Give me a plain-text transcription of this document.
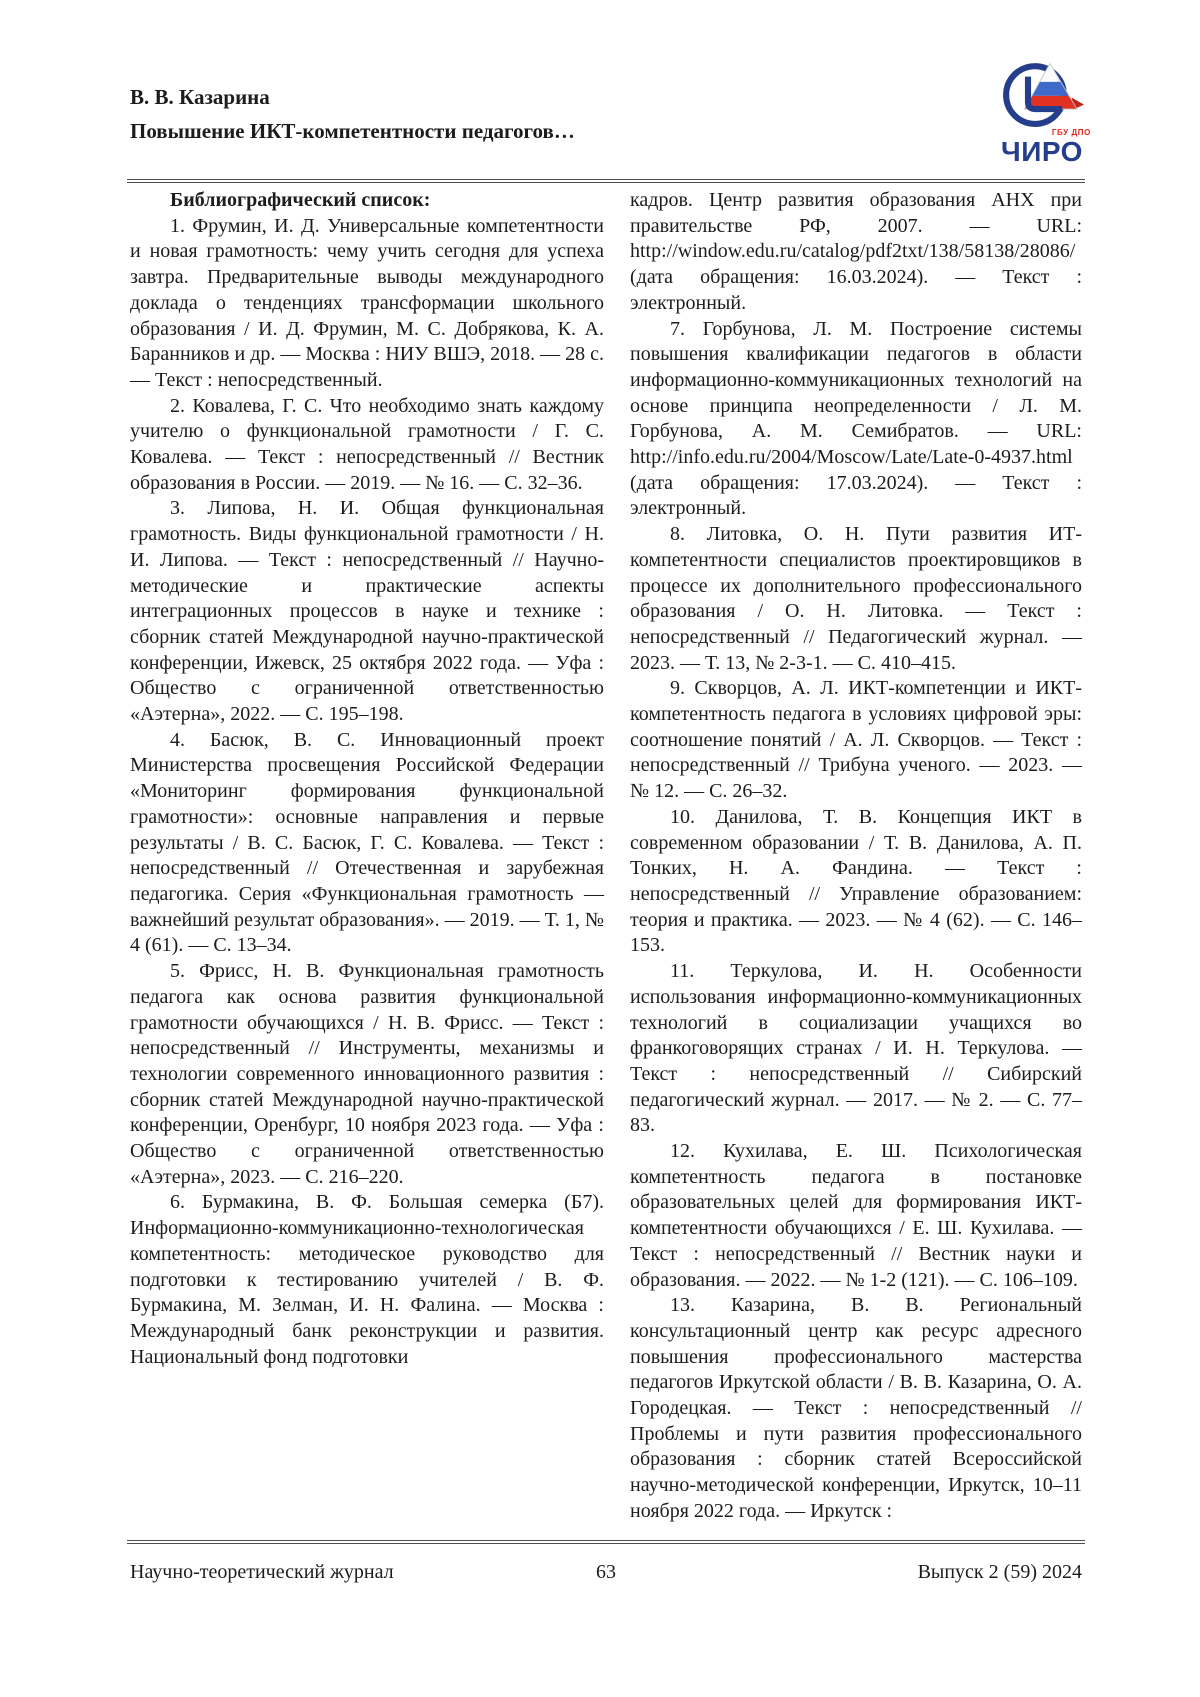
В. В. Казарина
Повышение ИКТ-компетентности педагогов…	ГБУ ДПО
ЧИРО

Библиографический список:

1. Фрумин, И. Д. Универсальные компетентности и новая грамотность: чему учить сегодня для успеха завтра. Предварительные выводы международного доклада о тенденциях трансформации школьного образования / И. Д. Фрумин, М. С. Добрякова, К. А. Баранников и др. — Москва : НИУ ВШЭ, 2018. — 28 с. — Текст : непосредственный.

2. Ковалева, Г. С. Что необходимо знать каждому учителю о функциональной грамотности / Г. С. Ковалева. — Текст : непосредственный // Вестник образования в России. — 2019. — № 16. — С. 32–36.

3. Липова, Н. И. Общая функциональная грамотность. Виды функциональной грамотности / Н. И. Липова. — Текст : непосредственный // Научно-методические и практические аспекты интеграционных процессов в науке и технике : сборник статей Международной научно-практической конференции, Ижевск, 25 октября 2022 года. — Уфа : Общество с ограниченной ответственностью «Аэтерна», 2022. — С. 195–198.

4. Басюк, В. С. Инновационный проект Министерства просвещения Российской Федерации «Мониторинг формирования функциональной грамотности»: основные направления и первые результаты / В. С. Басюк, Г. С. Ковалева. — Текст : непосредственный // Отечественная и зарубежная педагогика. Серия «Функциональная грамотность — важнейший результат образования». — 2019. — Т. 1, № 4 (61). — С. 13–34.

5. Фрисс, Н. В. Функциональная грамотность педагога как основа развития функциональной грамотности обучающихся / Н. В. Фрисс. — Текст : непосредственный // Инструменты, механизмы и технологии современного инновационного развития : сборник статей Международной научно-практической конференции, Оренбург, 10 ноября 2023 года. — Уфа : Общество с ограниченной ответственностью «Аэтерна», 2023. — С. 216–220.

6. Бурмакина, В. Ф. Большая семерка (Б7). Информационно-коммуникационно-технологическая компетентность: методическое руководство для подготовки к тестированию учителей / В. Ф. Бурмакина, М. Зелман, И. Н. Фалина. — Москва : Международный банк реконструкции и развития. Национальный фонд подготовки

кадров. Центр развития образования АНХ при правительстве РФ, 2007. — URL: http://window.edu.ru/catalog/pdf2txt/138/58138/28086/ (дата обращения: 16.03.2024). — Текст : электронный.

7. Горбунова, Л. М. Построение системы повышения квалификации педагогов в области информационно-коммуникационных технологий на основе принципа неопределенности / Л. М. Горбунова, А. М. Семибратов. — URL: http://info.edu.ru/2004/Moscow/Late/Late-0-4937.html (дата обращения: 17.03.2024). — Текст : электронный.

8. Литовка, О. Н. Пути развития ИТ-компетентности специалистов проектировщиков в процессе их дополнительного профессионального образования / О. Н. Литовка. — Текст : непосредственный // Педагогический журнал. — 2023. — Т. 13, № 2-3-1. — С. 410–415.

9. Скворцов, А. Л. ИКТ-компетенции и ИКТ-компетентность педагога в условиях цифровой эры: соотношение понятий / А. Л. Скворцов. — Текст : непосредственный // Трибуна ученого. — 2023. — № 12. — С. 26–32.

10. Данилова, Т. В. Концепция ИКТ в современном образовании / Т. В. Данилова, А. П. Тонких, Н. А. Фандина. — Текст : непосредственный // Управление образованием: теория и практика. — 2023. — № 4 (62). — С. 146–153.

11. Теркулова, И. Н. Особенности использования информационно-коммуникационных технологий в социализации учащихся во франкоговорящих странах / И. Н. Теркулова. — Текст : непосредственный // Сибирский педагогический журнал. — 2017. — № 2. — С. 77–83.

12. Кухилава, Е. Ш. Психологическая компетентность педагога в постановке образовательных целей для формирования ИКТ-компетентности обучающихся / Е. Ш. Кухилава. — Текст : непосредственный // Вестник науки и образования. — 2022. — № 1-2 (121). — С. 106–109.

13. Казарина, В. В. Региональный консультационный центр как ресурс адресного повышения профессионального мастерства педагогов Иркутской области / В. В. Казарина, О. А. Городецкая. — Текст : непосредственный // Проблемы и пути развития профессионального образования : сборник статей Всероссийской научно-методической конференции, Иркутск, 10–11 ноября 2022 года. — Иркутск :

Научно-теоретический журнал	63	Выпуск 2 (59) 2024
